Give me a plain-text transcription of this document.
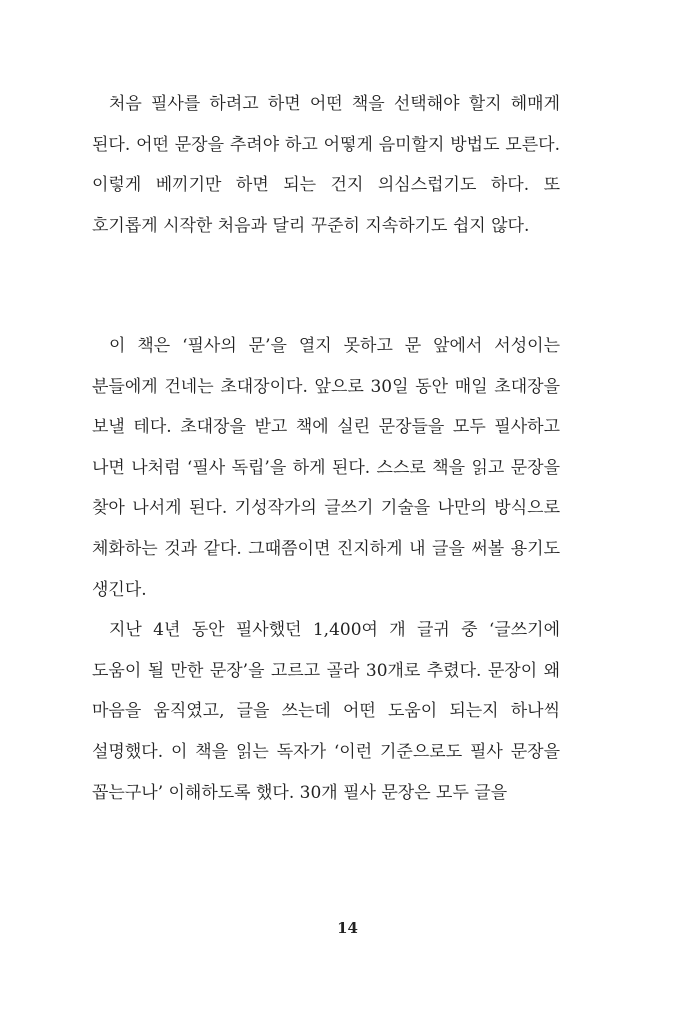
처음 필사를 하려고 하면 어떤 책을 선택해야 할지 헤매게 된다. 어떤 문장을 추려야 하고 어떻게 음미할지 방법도 모른다. 이렇게 베끼기만 하면 되는 건지 의심스럽기도 하다. 또 호기롭게 시작한 처음과 달리 꾸준히 지속하기도 쉽지 않다.

이 책은 ‘필사의 문’을 열지 못하고 문 앞에서 서성이는 분들에게 건네는 초대장이다. 앞으로 30일 동안 매일 초대장을 보낼 테다. 초대장을 받고 책에 실린 문장들을 모두 필사하고 나면 나처럼 ‘필사 독립’을 하게 된다. 스스로 책을 읽고 문장을 찾아 나서게 된다. 기성작가의 글쓰기 기술을 나만의 방식으로 체화하는 것과 같다. 그때쯤이면 진지하게 내 글을 써볼 용기도 생긴다.

지난 4년 동안 필사했던 1,400여 개 글귀 중 ‘글쓰기에 도움이 될 만한 문장’을 고르고 골라 30개로 추렸다. 문장이 왜 마음을 움직였고, 글을 쓰는데 어떤 도움이 되는지 하나씩 설명했다. 이 책을 읽는 독자가 ‘이런 기준으로도 필사 문장을 꼽는구나’ 이해하도록 했다. 30개 필사 문장은 모두 글을

14
